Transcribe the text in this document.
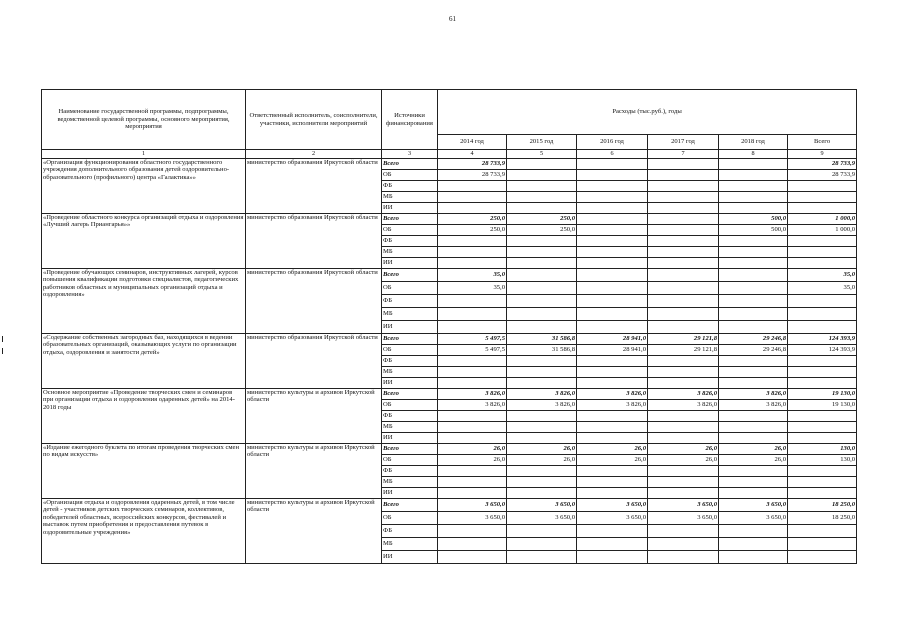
61
Наименование государственной программы, подпрограммы, ведомственной целевой программы, основного мероприятия, мероприятия	Ответственный исполнитель, соисполнители, участники, исполнители мероприятий	Источники финансирования	Расходы (тыс.руб.), годы					
			2014 год	2015 год	2016 год	2017 год	2018 год	Всего
1	2	3	4	5	6	7	8	9
«Организация функционирования областного государственного учреждения дополнительного образования детей оздоровительно-образовательного (профильного) центра «Галактика»»	министерство образования Иркутской области	Всего	28 733,9					28 733,9
		ОБ	28 733,9					28 733,9
		ФБ						
		МБ						
		ИИ						
«Проведение областного конкурса организаций отдыха и оздоровления «Лучший лагерь Приангарья»»	министерство образования Иркутской области	Всего	250,0	250,0			500,0	1 000,0
		ОБ	250,0	250,0			500,0	1 000,0
		ФБ						
		МБ						
		ИИ						
«Проведение обучающих семинаров, инструктивных лагерей, курсов повышения квалификации подготовки специалистов, педагогических работников областных и муниципальных организаций отдыха и оздоровления»	министерство образования Иркутской области	Всего	35,0					35,0
		ОБ	35,0					35,0
		ФБ						
		МБ						
		ИИ						
«Содержание собственных загородных баз, находящихся в ведении образовательных организаций, оказывающих услуги по организации отдыха, оздоровления и занятости детей»	министерство образования Иркутской области	Всего	5 497,5	31 586,8	28 941,0	29 121,8	29 246,8	124 393,9
		ОБ	5 497,5	31 586,8	28 941,0	29 121,8	29 246,8	124 393,9
		ФБ						
		МБ						
		ИИ						
Основное мероприятие «Проведение творческих смен и семинаров при организации отдыха и оздоровления одаренных детей» на 2014-2018 годы	министерство культуры и архивов Иркутской области	Всего	3 826,0	3 826,0	3 826,0	3 826,0	3 826,0	19 130,0
		ОБ	3 826,0	3 826,0	3 826,0	3 826,0	3 826,0	19 130,0
		ФБ						
		МБ						
		ИИ						
«Издание ежегодного буклета по итогам проведения творческих смен по видам искусств»	министерство культуры и архивов Иркутской области	Всего	26,0	26,0	26,0	26,0	26,0	130,0
		ОБ	26,0	26,0	26,0	26,0	26,0	130,0
		ФБ						
		МБ						
		ИИ						
«Организация отдыха и оздоровления одаренных детей, в том числе детей - участников детских творческих семинаров, коллективов, победителей областных, всероссийских конкурсов, фестивалей и выставок путем приобретения и предоставления путевок в оздоровительные учреждения»	министерство культуры и архивов Иркутской области	Всего	3 650,0	3 650,0	3 650,0	3 650,0	3 650,0	18 250,0
		ОБ	3 650,0	3 650,0	3 650,0	3 650,0	3 650,0	18 250,0
		ФБ						
		МБ						
		ИИ						
